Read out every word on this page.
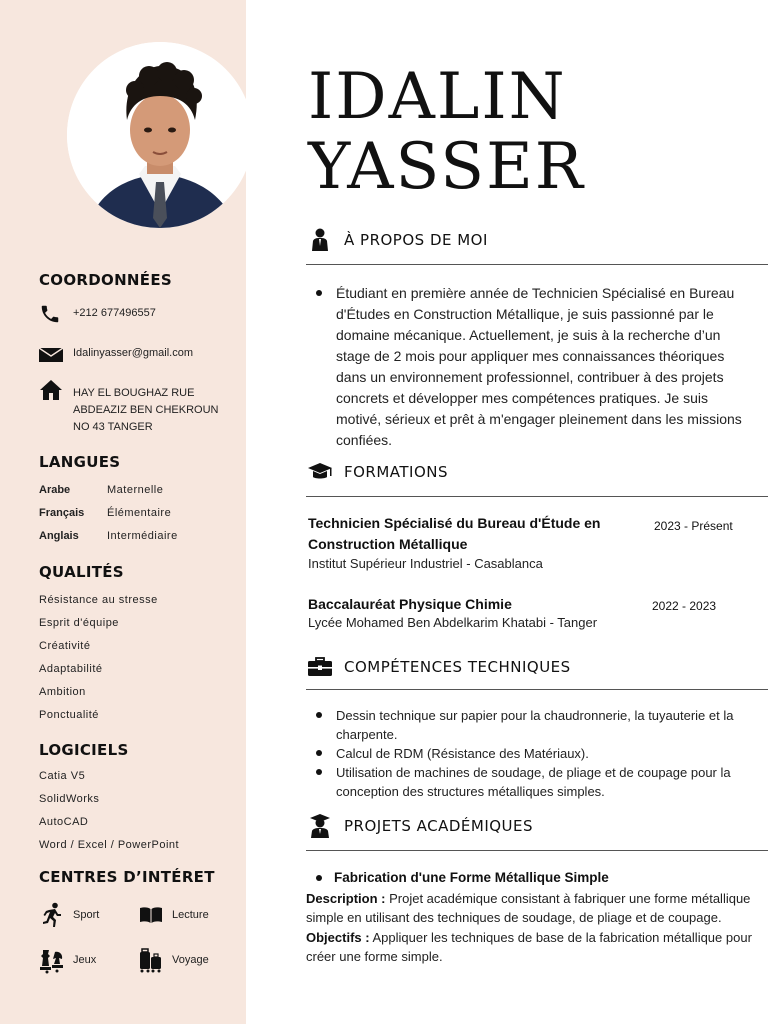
COORDONNÉES
+212 677496557
Idalinyasser@gmail.com
HAY EL BOUGHAZ RUE
ABDEAZIZ BEN CHEKROUN
NO 43 TANGER
LANGUES
Arabe	Maternelle
Français Élémentaire
Anglais	Intermédiaire
QUALITÉS
Résistance au stresse
Esprit d'équipe
Créativité
Adaptabilité
Ambition
Ponctualité
LOGICIELS
Catia V5
SolidWorks
AutoCAD
Word / Excel / PowerPoint
CENTRES D’INTÉRET
Sport	Lecture
Jeux	Voyage
IDALIN
YASSER
À PROPOS DE MOI
Étudiant en première année de Technicien Spécialisé en Bureau d'Études en Construction Métallique, je suis passionné par le domaine mécanique. Actuellement, je suis à la recherche d’un stage de 2 mois pour appliquer mes connaissances théoriques dans un environnement professionnel, contribuer à des projets concrets et développer mes compétences pratiques. Je suis motivé, sérieux et prêt à m'engager pleinement dans les missions confiées.
FORMATIONS
Technicien Spécialisé du Bureau d'Étude en Construction Métallique
2023 - Présent
Institut Supérieur Industriel - Casablanca
Baccalauréat Physique Chimie	2022 - 2023
Lycée Mohamed Ben Abdelkarim Khatabi - Tanger
COMPÉTENCES TECHNIQUES
Dessin technique sur papier pour la chaudronnerie, la tuyauterie et la charpente.
Calcul de RDM (Résistance des Matériaux).
Utilisation de machines de soudage, de pliage et de coupage pour la conception des structures métalliques simples.
PROJETS ACADÉMIQUES
Fabrication d'une Forme Métallique Simple
Description : Projet académique consistant à fabriquer une forme métallique simple en utilisant des techniques de soudage, de pliage et de coupage.
Objectifs : Appliquer les techniques de base de la fabrication métallique pour créer une forme simple.
